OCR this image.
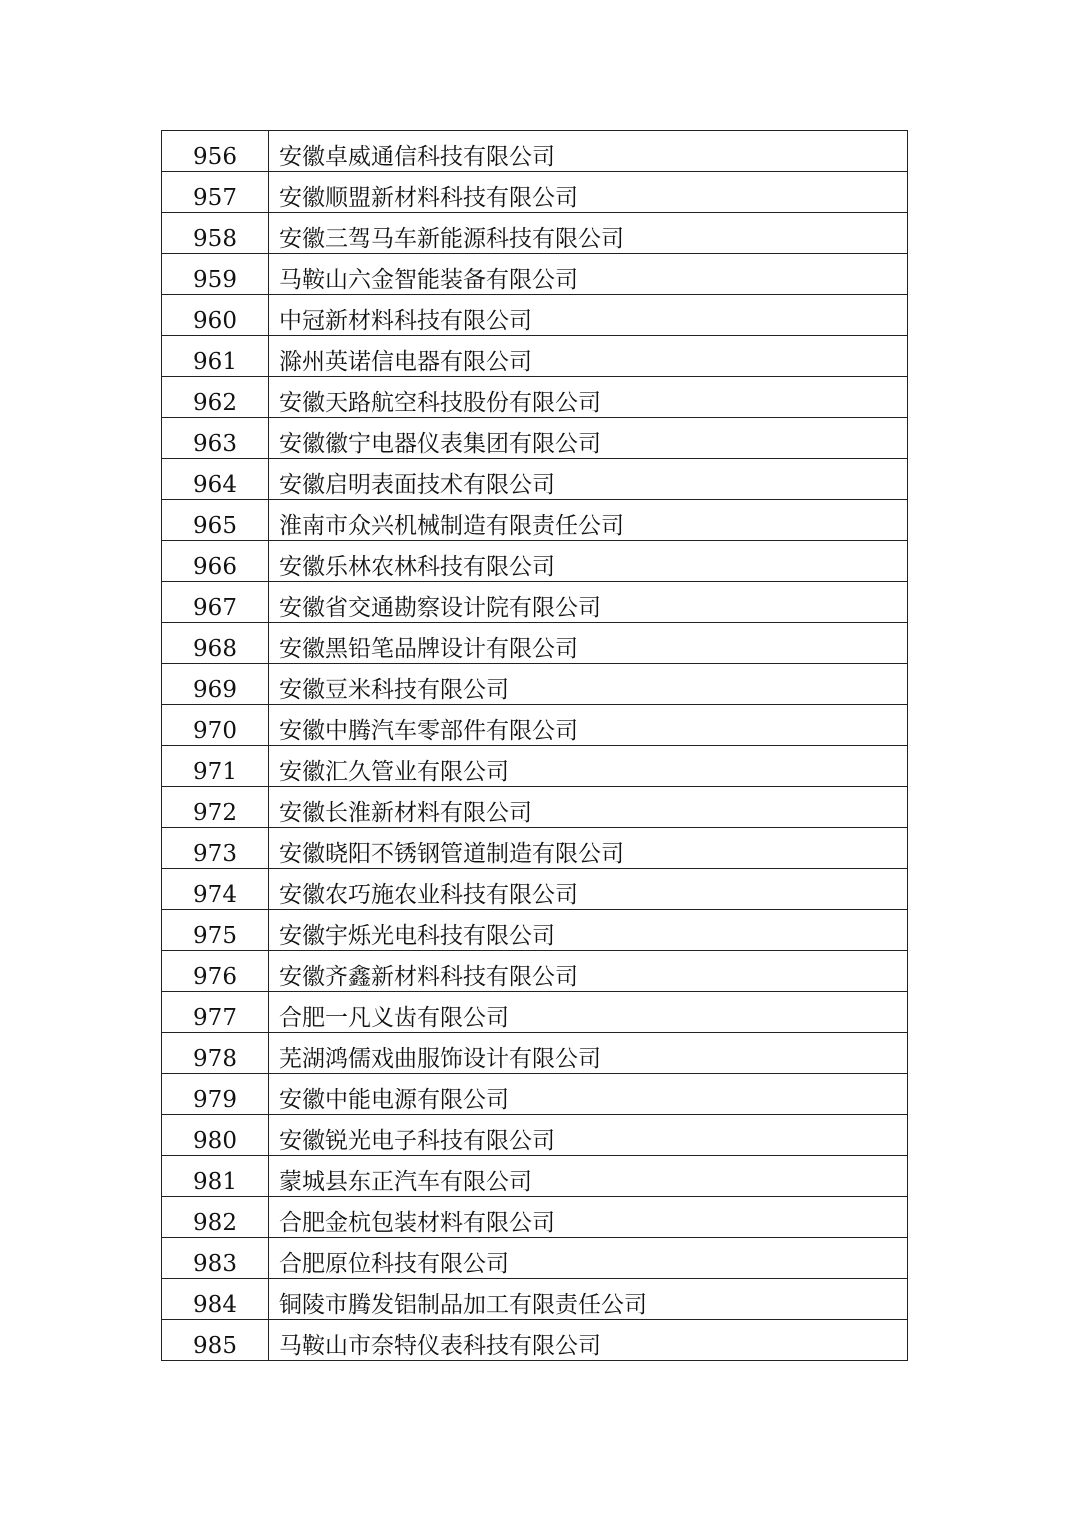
956	安徽卓威通信科技有限公司
957	安徽顺盟新材料科技有限公司
958	安徽三驾马车新能源科技有限公司
959	马鞍山六金智能装备有限公司
960	中冠新材料科技有限公司
961	滁州英诺信电器有限公司
962	安徽天路航空科技股份有限公司
963	安徽徽宁电器仪表集团有限公司
964	安徽启明表面技术有限公司
965	淮南市众兴机械制造有限责任公司
966	安徽乐林农林科技有限公司
967	安徽省交通勘察设计院有限公司
968	安徽黑铅笔品牌设计有限公司
969	安徽豆米科技有限公司
970	安徽中腾汽车零部件有限公司
971	安徽汇久管业有限公司
972	安徽长淮新材料有限公司
973	安徽晓阳不锈钢管道制造有限公司
974	安徽农巧施农业科技有限公司
975	安徽宇烁光电科技有限公司
976	安徽齐鑫新材料科技有限公司
977	合肥一凡义齿有限公司
978	芜湖鸿儒戏曲服饰设计有限公司
979	安徽中能电源有限公司
980	安徽锐光电子科技有限公司
981	蒙城县东正汽车有限公司
982	合肥金杭包装材料有限公司
983	合肥原位科技有限公司
984	铜陵市腾发铝制品加工有限责任公司
985	马鞍山市奈特仪表科技有限公司
